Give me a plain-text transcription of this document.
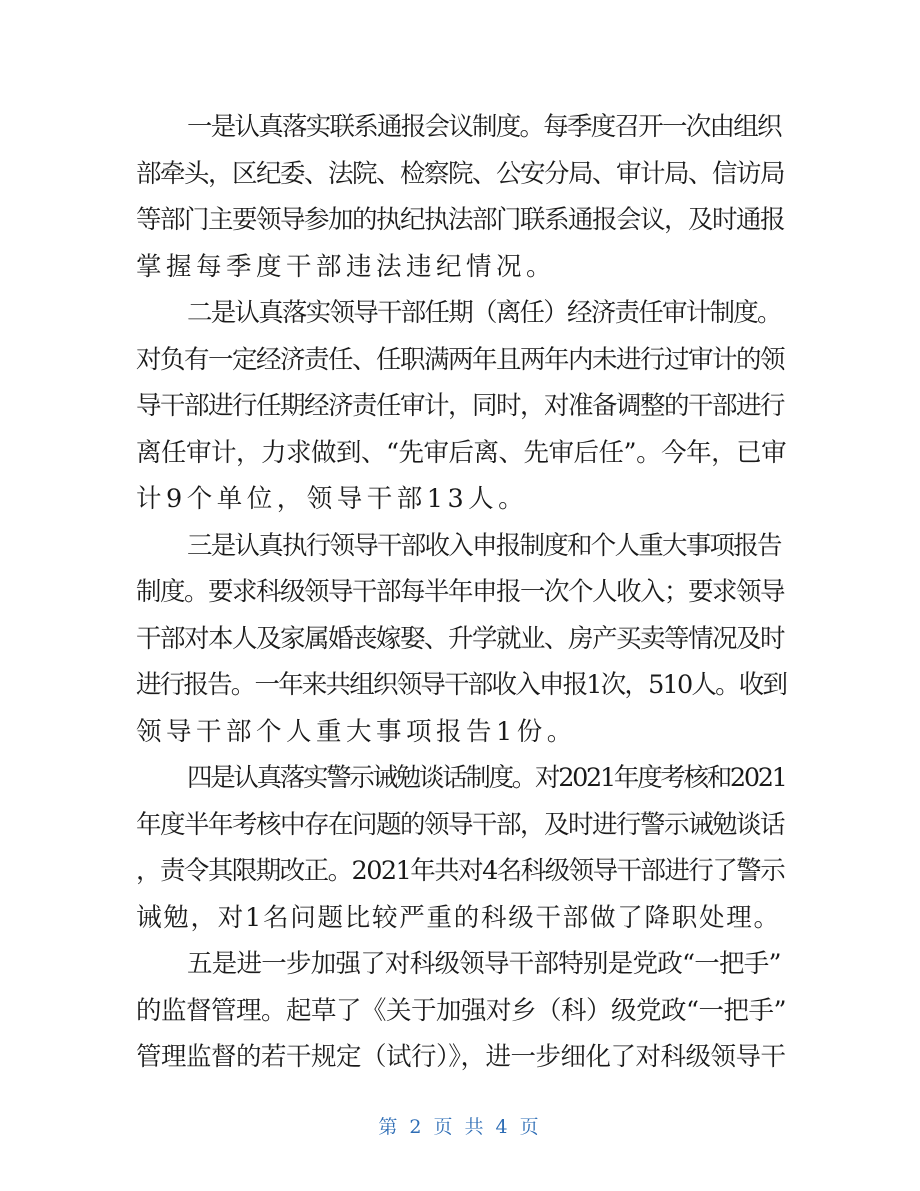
一是认真落实联系通报会议制度。每季度召开一次由组织
部牵头，区纪委、法院、检察院、公安分局、审计局、信访局
等部门主要领导参加的执纪执法部门联系通报会议，及时通报
掌握每季度干部违法违纪情况。
二是认真落实领导干部任期（离任）经济责任审计制度。
对负有一定经济责任、任职满两年且两年内未进行过审计的领
导干部进行任期经济责任审计，同时，对准备调整的干部进行
离任审计，力求做到、“先审后离、先审后任”。今年，已审
计9个单位，领导干部13人。
三是认真执行领导干部收入申报制度和个人重大事项报告
制度。要求科级领导干部每半年申报一次个人收入；要求领导
干部对本人及家属婚丧嫁娶、升学就业、房产买卖等情况及时
进行报告。一年来共组织领导干部收入申报1次，510人。收到
领导干部个人重大事项报告1份。
四是认真落实警示诫勉谈话制度。对2021年度考核和2021
年度半年考核中存在问题的领导干部，及时进行警示诫勉谈话
，责令其限期改正。2021年共对4名科级领导干部进行了警示
诫勉，对1名问题比较严重的科级干部做了降职处理。
五是进一步加强了对科级领导干部特别是党政“一把手”
的监督管理。起草了《关于加强对乡（科）级党政“一把手”
管理监督的若干规定（试行）》，进一步细化了对科级领导干
第 2 页 共 4 页
